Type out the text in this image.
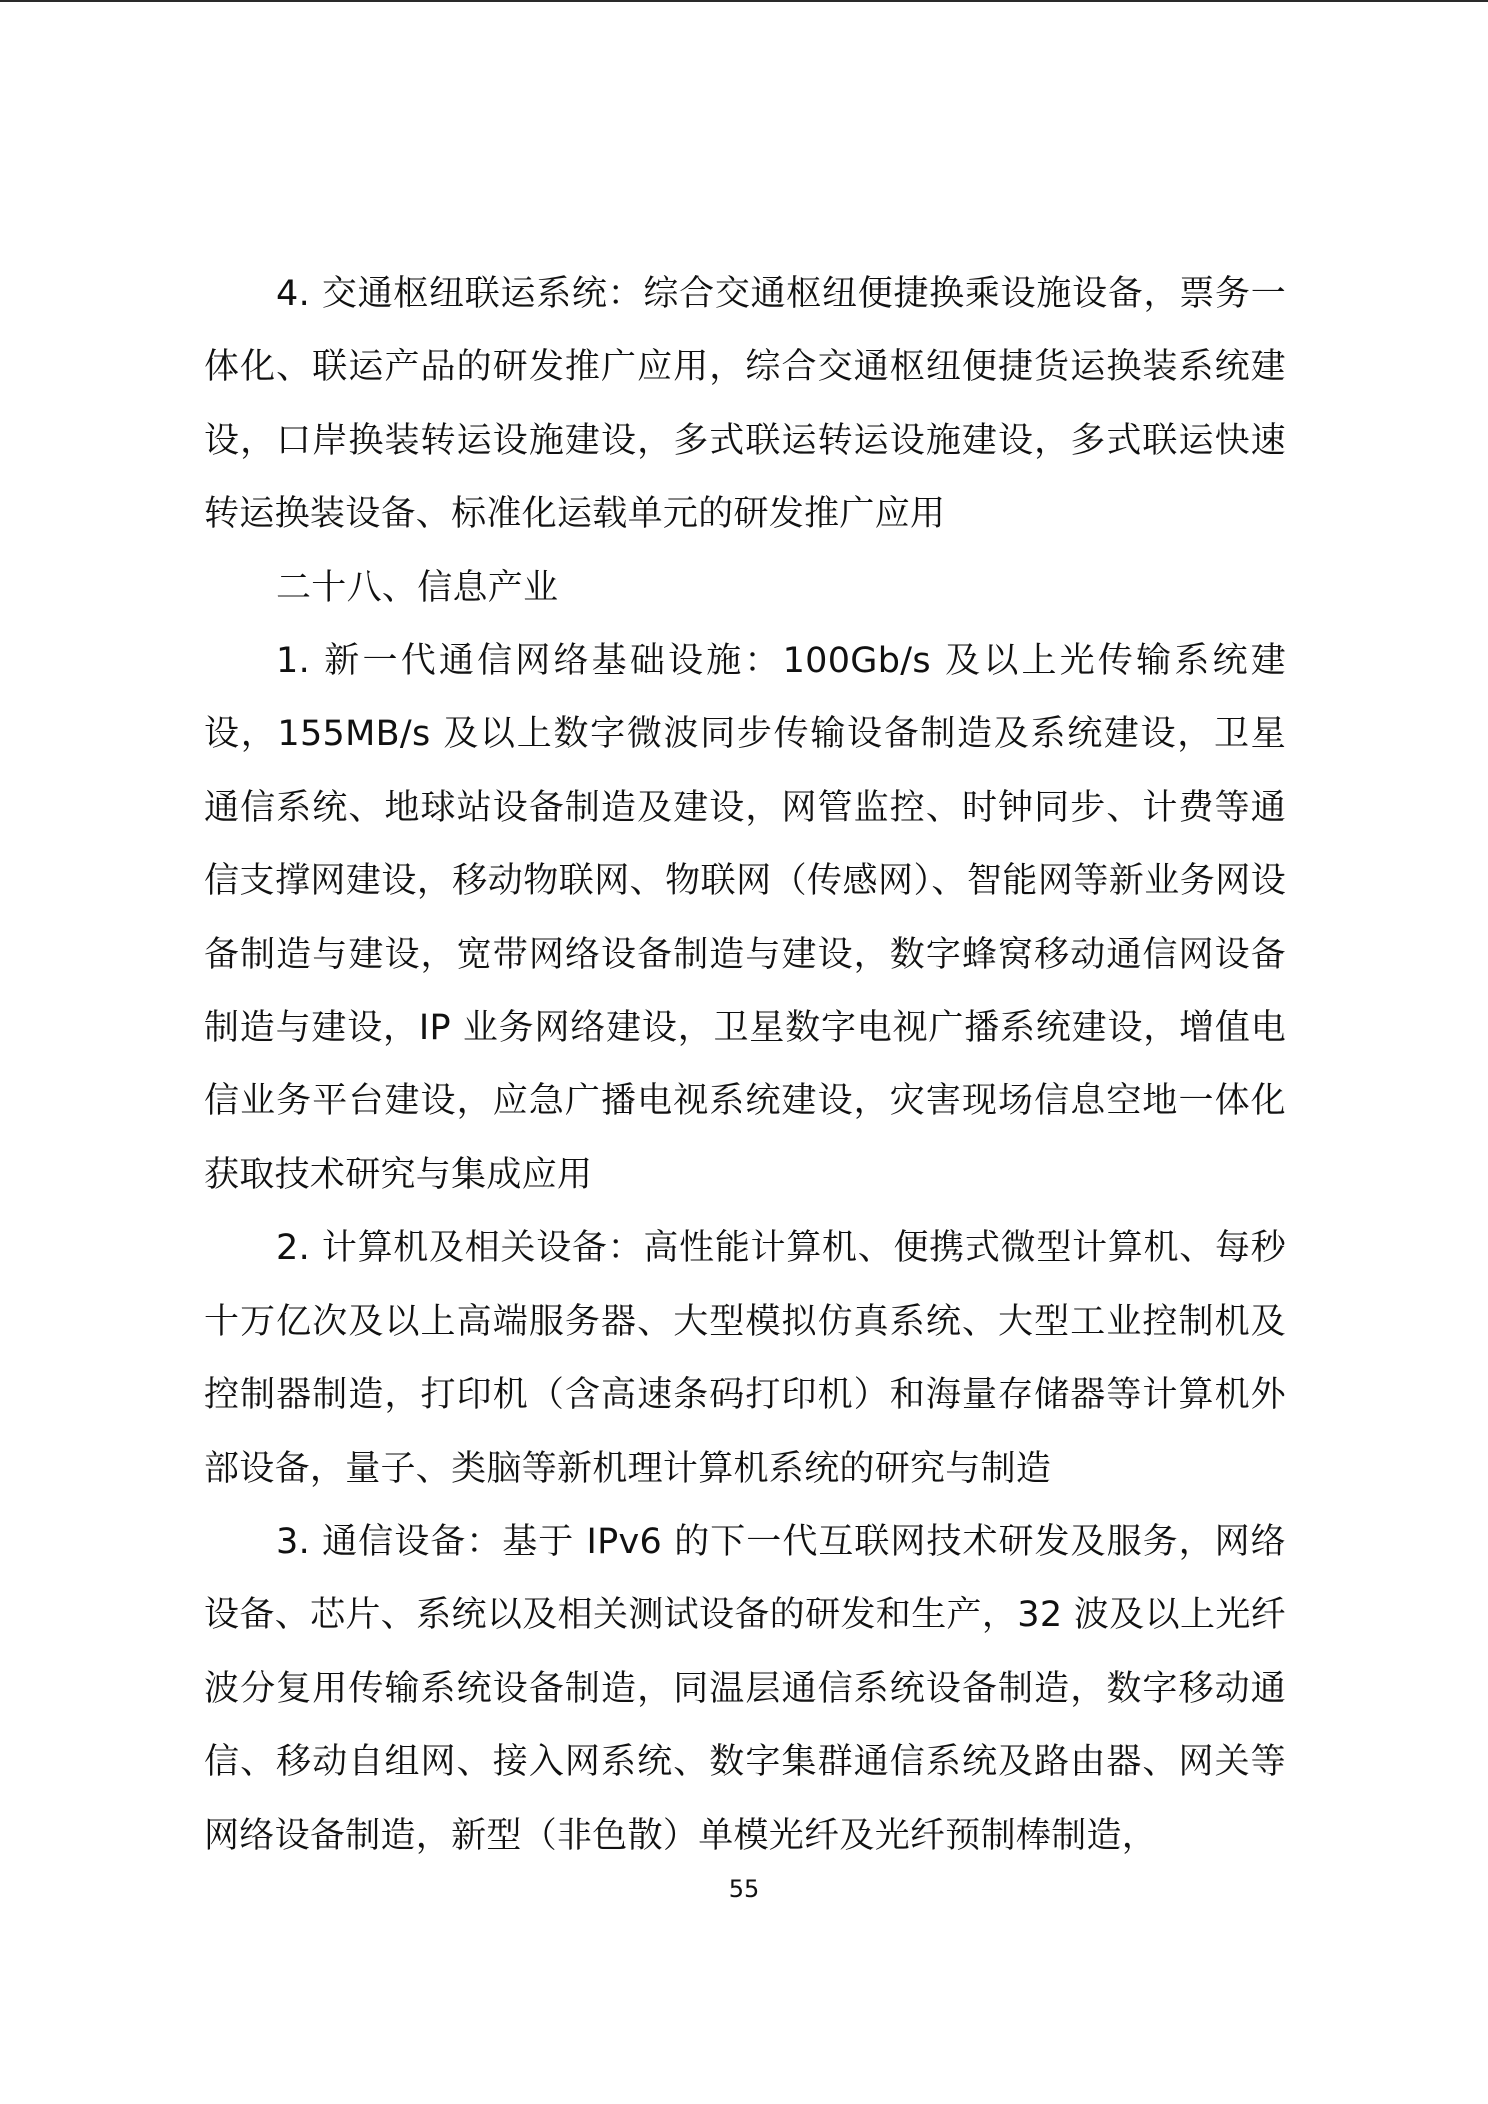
4. 交通枢纽联运系统：综合交通枢纽便捷换乘设施设备，票务一体化、联运产品的研发推广应用，综合交通枢纽便捷货运换装系统建设，口岸换装转运设施建设，多式联运转运设施建设，多式联运快速转运换装设备、标准化运载单元的研发推广应用

二十八、信息产业

1. 新一代通信网络基础设施：100Gb/s 及以上光传输系统建设，155MB/s 及以上数字微波同步传输设备制造及系统建设，卫星通信系统、地球站设备制造及建设，网管监控、时钟同步、计费等通信支撑网建设，移动物联网、物联网（传感网）、智能网等新业务网设备制造与建设，宽带网络设备制造与建设，数字蜂窝移动通信网设备制造与建设，IP 业务网络建设，卫星数字电视广播系统建设，增值电信业务平台建设，应急广播电视系统建设，灾害现场信息空地一体化获取技术研究与集成应用

2. 计算机及相关设备：高性能计算机、便携式微型计算机、每秒十万亿次及以上高端服务器、大型模拟仿真系统、大型工业控制机及控制器制造，打印机（含高速条码打印机）和海量存储器等计算机外部设备，量子、类脑等新机理计算机系统的研究与制造

3. 通信设备：基于 IPv6 的下一代互联网技术研发及服务，网络设备、芯片、系统以及相关测试设备的研发和生产，32 波及以上光纤波分复用传输系统设备制造，同温层通信系统设备制造，数字移动通信、移动自组网、接入网系统、数字集群通信系统及路由器、网关等网络设备制造，新型（非色散）单模光纤及光纤预制棒制造，

55
